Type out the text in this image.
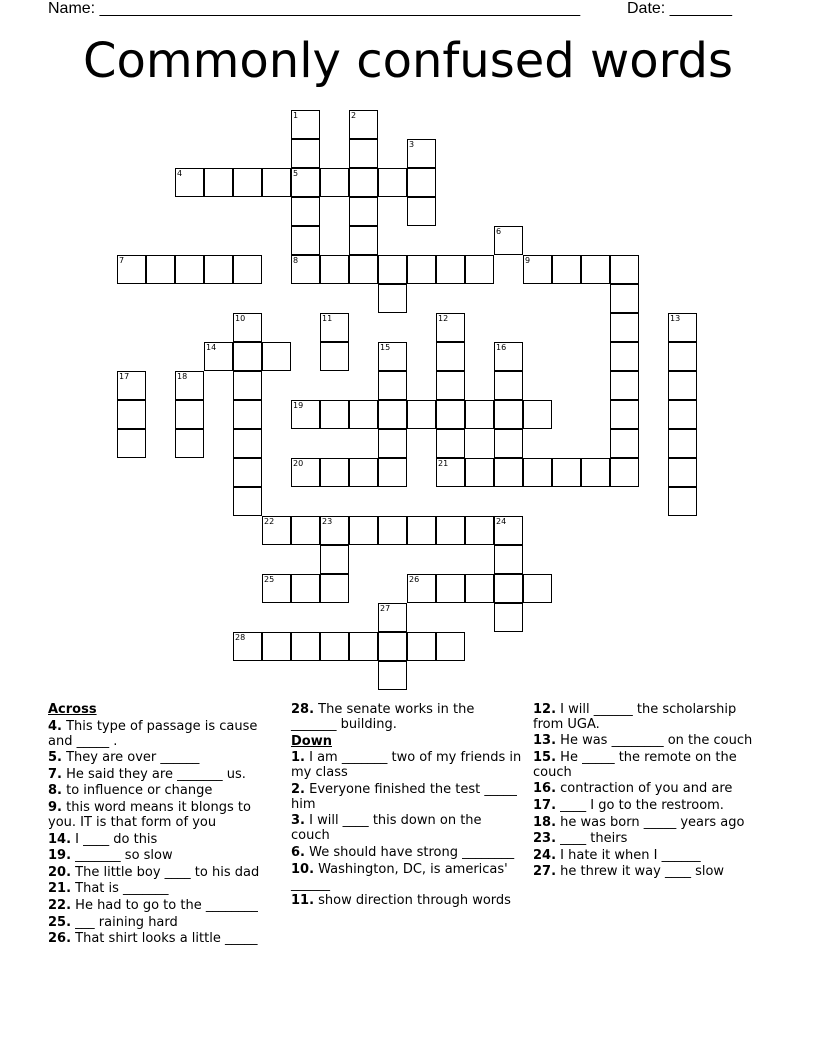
Name: ______________________________________________________	Date: _______
Commonly confused words
1	2
3
4	5
6
7	8	9
10	11	12	13
14	15	16
17	18
19
20	21
22	23	24
25	26
27
28
Across
4. This type of passage is cause and _____ .
5. They are over ______
7. He said they are _______ us.
8. to influence or change
9. this word means it blongs to you. IT is that form of you
14. I ____ do this
19. _______ so slow
20. The little boy ____ to his dad
21. That is _______
22. He had to go to the ________
25. ___ raining hard
26. That shirt looks a little _____
28. The senate works in the _______ building.
Down
1. I am _______ two of my friends in my class
2. Everyone finished the test _____ him
3. I will ____ this down on the couch
6. We should have strong ________
10. Washington, DC, is americas' ______
11. show direction through words
12. I will ______ the scholarship from UGA.
13. He was ________ on the couch
15. He _____ the remote on the couch
16. contraction of you and are
17. ____ I go to the restroom.
18. he was born _____ years ago
23. ____ theirs
24. I hate it when I ______
27. he threw it way ____ slow
